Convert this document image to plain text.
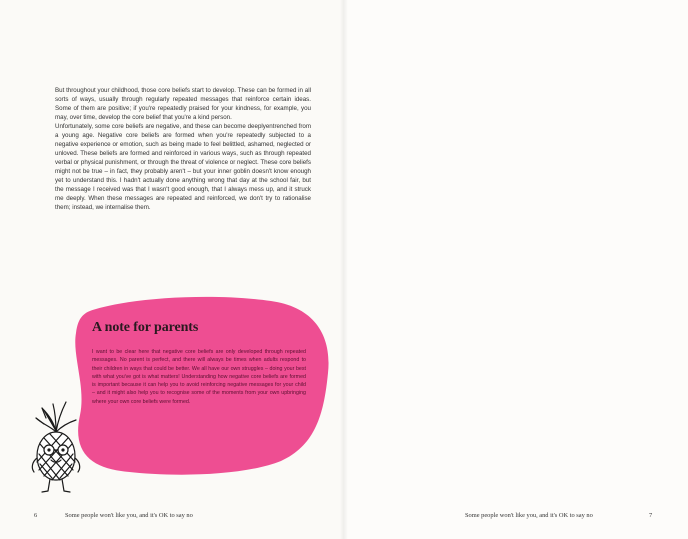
But throughout your childhood, those core beliefs start to develop. These can be formed in all sorts of ways, usually through regularly repeated messages that reinforce certain ideas. Some of them are positive; if you're repeatedly praised for your kindness, for example, you may, over time, develop the core belief that you're a kind person.

Unfortunately, some core beliefs are negative, and these can become deeplyentrenched from a young age. Negative core beliefs are formed when you're repeatedly subjected to a negative experience or emotion, such as being made to feel belittled, ashamed, neglected or unloved. These beliefs are formed and reinforced in various ways, such as through repeated verbal or physical punishment, or through the threat of violence or neglect. These core beliefs might not be true – in fact, they probably aren't – but your inner goblin doesn't know enough yet to understand this. I hadn't actually done anything wrong that day at the school fair, but the message I received was that I wasn't good enough, that I always mess up, and it struck me deeply. When these messages are repeated and reinforced, we don't try to rationalise them; instead, we internalise them.

A note for parents
I want to be clear here that negative core beliefs are only developed through repeated messages. No parent is perfect, and there will always be times when adults respond to their children in ways that could be better. We all have our own struggles – doing your best with what you've got is what matters! Understanding how negative core beliefs are formed is important because it can help you to avoid reinforcing negative messages for your child – and it might also help you to recognise some of the moments from your own upbringing where your own core beliefs were formed.
6	Some people won't like you, and it's OK to say no	Some people won't like you, and it's OK to say no	7
